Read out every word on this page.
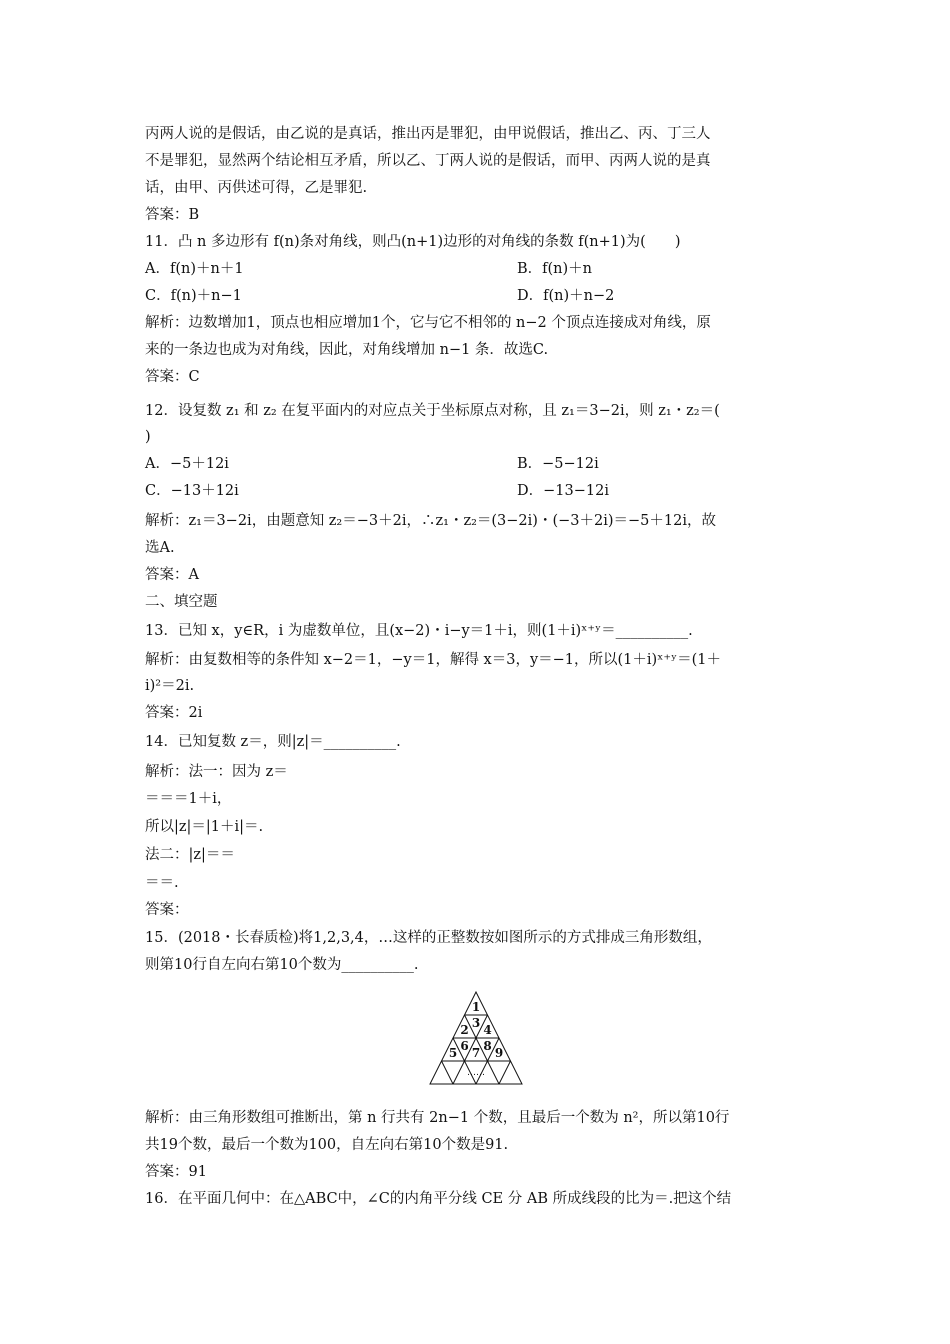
丙两人说的是假话，由乙说的是真话，推出丙是罪犯，由甲说假话，推出乙、丙、丁三人
不是罪犯，显然两个结论相互矛盾，所以乙、丁两人说的是假话，而甲、丙两人说的是真
话，由甲、丙供述可得，乙是罪犯.
答案：B
11．凸 n 多边形有 f(n)条对角线，则凸(n+1)边形的对角线的条数 f(n+1)为(　　)
A．f(n)＋n＋1	B．f(n)＋n
C．f(n)＋n−1	D．f(n)＋n−2
解析：边数增加1，顶点也相应增加1个，它与它不相邻的 n−2 个顶点连接成对角线，原
来的一条边也成为对角线，因此，对角线增加 n−1 条．故选C.
答案：C
12．设复数 z₁ 和 z₂ 在复平面内的对应点关于坐标原点对称，且 z₁＝3−2i，则 z₁・z₂＝(
)
A．−5＋12i	B．−5−12i
C．−13＋12i	D．−13−12i
解析：z₁＝3−2i，由题意知 z₂＝−3＋2i，∴z₁・z₂＝(3−2i)・(−3＋2i)＝−5＋12i，故
选A.
答案：A
二、填空题
13．已知 x，y∈R，i 为虚数单位，且(x−2)・i−y＝1＋i，则(1＋i)ˣ⁺ʸ＝__________.
解析：由复数相等的条件知 x−2＝1，−y＝1，解得 x＝3，y＝−1，所以(1＋i)ˣ⁺ʸ＝(1＋
i)²＝2i.
答案：2i
14．已知复数 z＝，则|z|＝__________.
解析：法一：因为 z＝
＝＝＝1＋i，
所以|z|＝|1＋i|＝.
法二：|z|＝＝
＝＝.
答案：
15．(2018・长春质检)将1,2,3,4，…这样的正整数按如图所示的方式排成三角形数组，
则第10行自左向右第10个数为__________.
1
2 3 4
5 6 7 8 9
……
解析：由三角形数组可推断出，第 n 行共有 2n−1 个数，且最后一个数为 n²，所以第10行
共19个数，最后一个数为100，自左向右第10个数是91.
答案：91
16．在平面几何中：在△ABC中，∠C的内角平分线 CE 分 AB 所成线段的比为＝.把这个结
